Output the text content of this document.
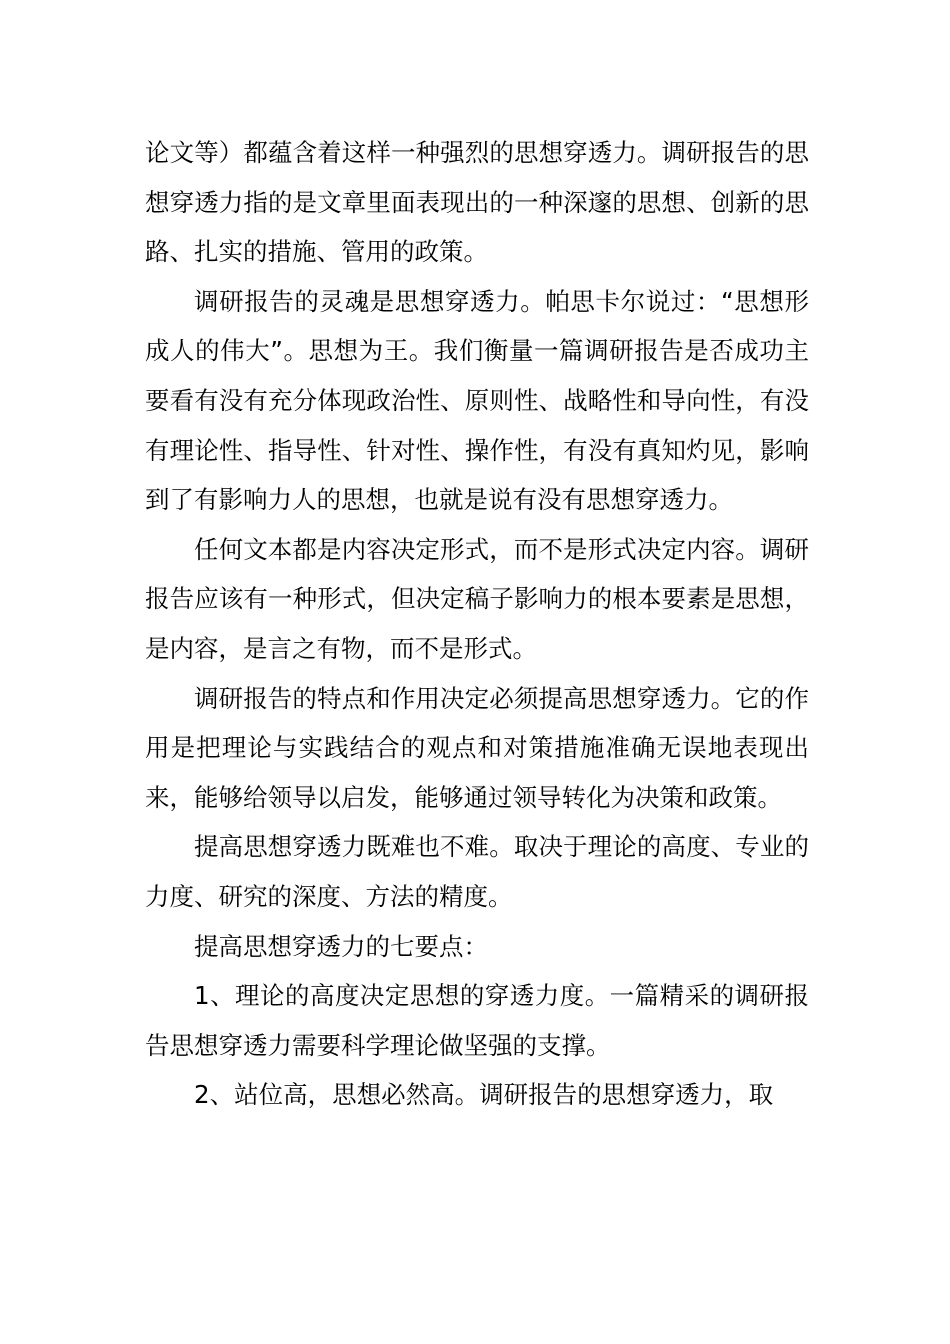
论文等）都蕴含着这样一种强烈的思想穿透力。调研报告的思想穿透力指的是文章里面表现出的一种深邃的思想、创新的思路、扎实的措施、管用的政策。

调研报告的灵魂是思想穿透力。帕思卡尔说过：“思想形成人的伟大”。思想为王。我们衡量一篇调研报告是否成功主要看有没有充分体现政治性、原则性、战略性和导向性，有没有理论性、指导性、针对性、操作性，有没有真知灼见，影响到了有影响力人的思想，也就是说有没有思想穿透力。

任何文本都是内容决定形式，而不是形式决定内容。调研报告应该有一种形式，但决定稿子影响力的根本要素是思想，是内容，是言之有物，而不是形式。

调研报告的特点和作用决定必须提高思想穿透力。它的作用是把理论与实践结合的观点和对策措施准确无误地表现出来，能够给领导以启发，能够通过领导转化为决策和政策。

提高思想穿透力既难也不难。取决于理论的高度、专业的力度、研究的深度、方法的精度。

提高思想穿透力的七要点：

1、理论的高度决定思想的穿透力度。一篇精采的调研报告思想穿透力需要科学理论做坚强的支撑。

2、站位高，思想必然高。调研报告的思想穿透力，取
